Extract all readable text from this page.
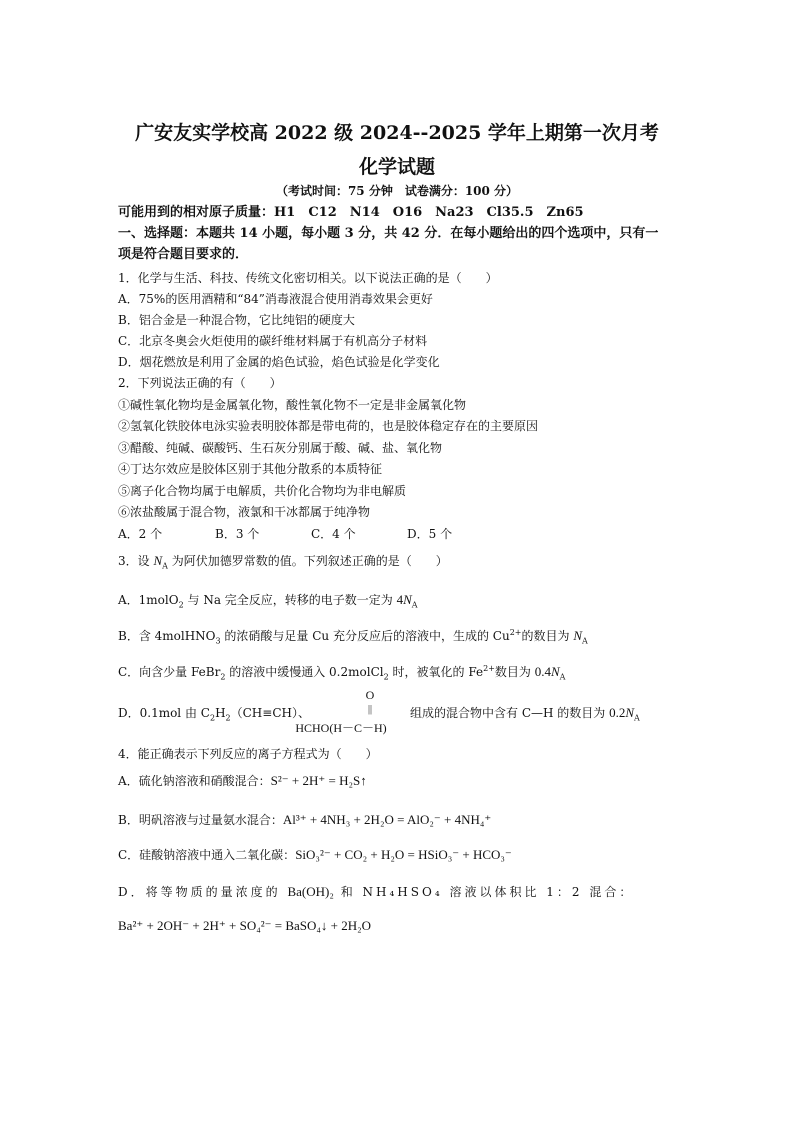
广安友实学校高 2022 级 2024--2025 学年上期第一次月考
化学试题
（考试时间：75 分钟　试卷满分：100 分）
可能用到的相对原子质量：H1　C12　N14　O16　Na23　Cl35.5　Zn65
一、选择题：本题共 14 小题，每小题 3 分，共 42 分．在每小题给出的四个选项中，只有一
项是符合题目要求的．
1．化学与生活、科技、传统文化密切相关。以下说法正确的是（　　）
A．75%的医用酒精和“84”消毒液混合使用消毒效果会更好
B．铝合金是一种混合物，它比纯铝的硬度大
C．北京冬奥会火炬使用的碳纤维材料属于有机高分子材料
D．烟花燃放是利用了金属的焰色试验，焰色试验是化学变化
2．下列说法正确的有（　　）
①碱性氧化物均是金属氧化物，酸性氧化物不一定是非金属氧化物
②氢氧化铁胶体电泳实验表明胶体都是带电荷的，也是胶体稳定存在的主要原因
③醋酸、纯碱、碳酸钙、生石灰分别属于酸、碱、盐、氧化物
④丁达尔效应是胶体区别于其他分散系的本质特征
⑤离子化合物均属于电解质，共价化合物均为非电解质
⑥浓盐酸属于混合物，液氯和干冰都属于纯净物
A．2 个	B．3 个	C．4 个	D．5 个
3．设 $N_A$ 为阿伏加德罗常数的值。下列叙述正确的是（　　）
A．1molO$_2$ 与 Na 完全反应，转移的电子数一定为 $4N_A$
B．含 4molHNO$_3$ 的浓硝酸与足量 Cu 充分反应后的溶液中，生成的 $Cu^{2+}$的数目为 $N_A$
C．向含少量 FeBr$_2$ 的溶液中缓慢通入 0.2molCl$_2$ 时，被氧化的 $Fe^{2+}$数目为 $0.4N_A$
D．0.1mol 由 $C_2H_2(CH\equiv CH)$、
O
||
HCHO(H－C－H)
组成的混合物中含有 C—H 的数目为 $0.2N_A$
4．能正确表示下列反应的离子方程式为（　　）
A．硫化钠溶液和硝酸混合：S²⁻ + 2H⁺ = H₂S↑
B．明矾溶液与过量氨水混合：Al³⁺ + 4NH₃ + 2H₂O = AlO₂⁻ + 4NH₄⁺
C．硅酸钠溶液中通入二氧化碳：SiO₃²⁻ + CO₂ + H₂O = HSiO₃⁻ + HCO₃⁻
D．将等物质的量浓度的 Ba(OH)₂ 和 NH₄HSO₄ 溶液以体积比 1：2 混合：
Ba²⁺ + 2OH⁻ + 2H⁺ + SO₄²⁻ = BaSO₄↓ + 2H₂O
